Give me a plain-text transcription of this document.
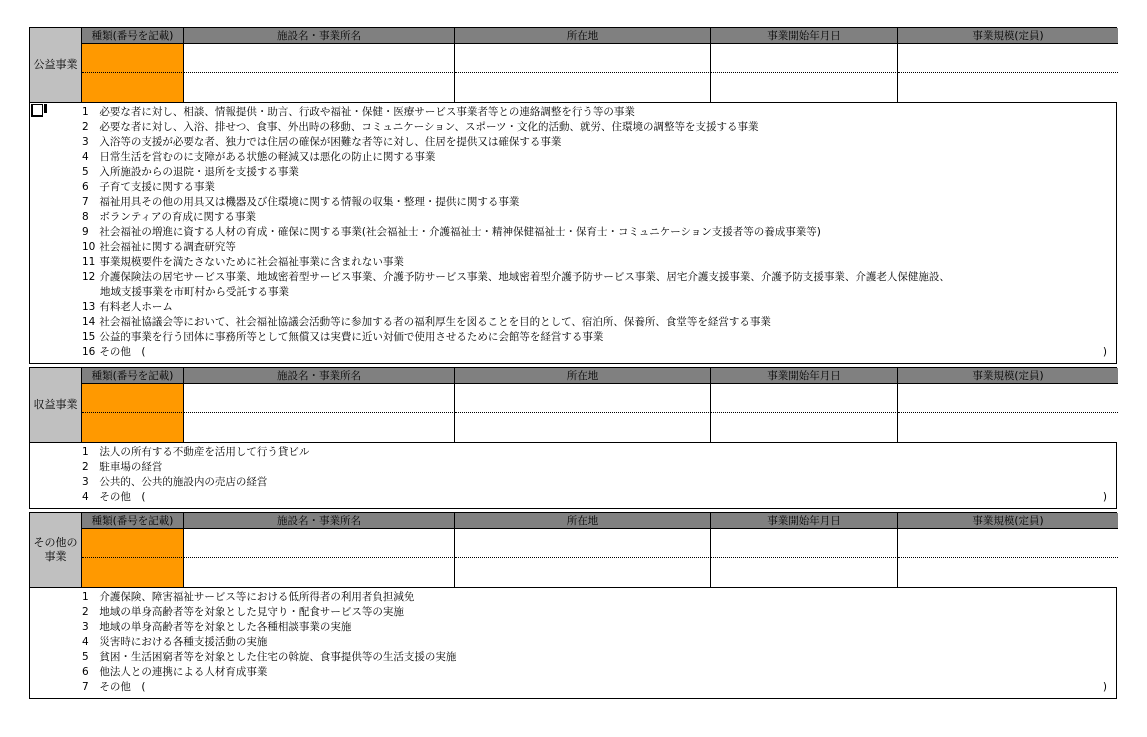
公益事業
種類(番号を記載)	施設名・事業所名	所在地	事業開始年月日	事業規模(定員)
1 必要な者に対し、相談、情報提供・助言、行政や福祉・保健・医療サービス事業者等との連絡調整を行う等の事業
2 必要な者に対し、入浴、排せつ、食事、外出時の移動、コミュニケーション、スポーツ・文化的活動、就労、住環境の調整等を支援する事業
3 入浴等の支援が必要な者、独力では住居の確保が困難な者等に対し、住居を提供又は確保する事業
4 日常生活を営むのに支障がある状態の軽減又は悪化の防止に関する事業
5 入所施設からの退院・退所を支援する事業
6 子育て支援に関する事業
7 福祉用具その他の用具又は機器及び住環境に関する情報の収集・整理・提供に関する事業
8 ボランティアの育成に関する事業
9 社会福祉の増進に資する人材の育成・確保に関する事業(社会福祉士・介護福祉士・精神保健福祉士・保育士・コミュニケーション支援者等の養成事業等)
10 社会福祉に関する調査研究等
11 事業規模要件を満たさないために社会福祉事業に含まれない事業
12 介護保険法の居宅サービス事業、地域密着型サービス事業、介護予防サービス事業、地域密着型介護予防サービス事業、居宅介護支援事業、介護予防支援事業、介護老人保健施設、
地域支援事業を市町村から受託する事業
13 有料老人ホーム
14 社会福祉協議会等において、社会福祉協議会活動等に参加する者の福利厚生を図ることを目的として、宿泊所、保養所、食堂等を経営する事業
15 公益的事業を行う団体に事務所等として無償又は実費に近い対価で使用させるために会館等を経営する事業
16 その他　(	)
収益事業
種類(番号を記載)	施設名・事業所名	所在地	事業開始年月日	事業規模(定員)
1 法人の所有する不動産を活用して行う貸ビル
2 駐車場の経営
3 公共的、公共的施設内の売店の経営
4 その他　(	)
その他の事業
種類(番号を記載)	施設名・事業所名	所在地	事業開始年月日	事業規模(定員)
1 介護保険、障害福祉サービス等における低所得者の利用者負担減免
2 地域の単身高齢者等を対象とした見守り・配食サービス等の実施
3 地域の単身高齢者等を対象とした各種相談事業の実施
4 災害時における各種支援活動の実施
5 貧困・生活困窮者等を対象とした住宅の斡旋、食事提供等の生活支援の実施
6 他法人との連携による人材育成事業
7 その他　(	)
